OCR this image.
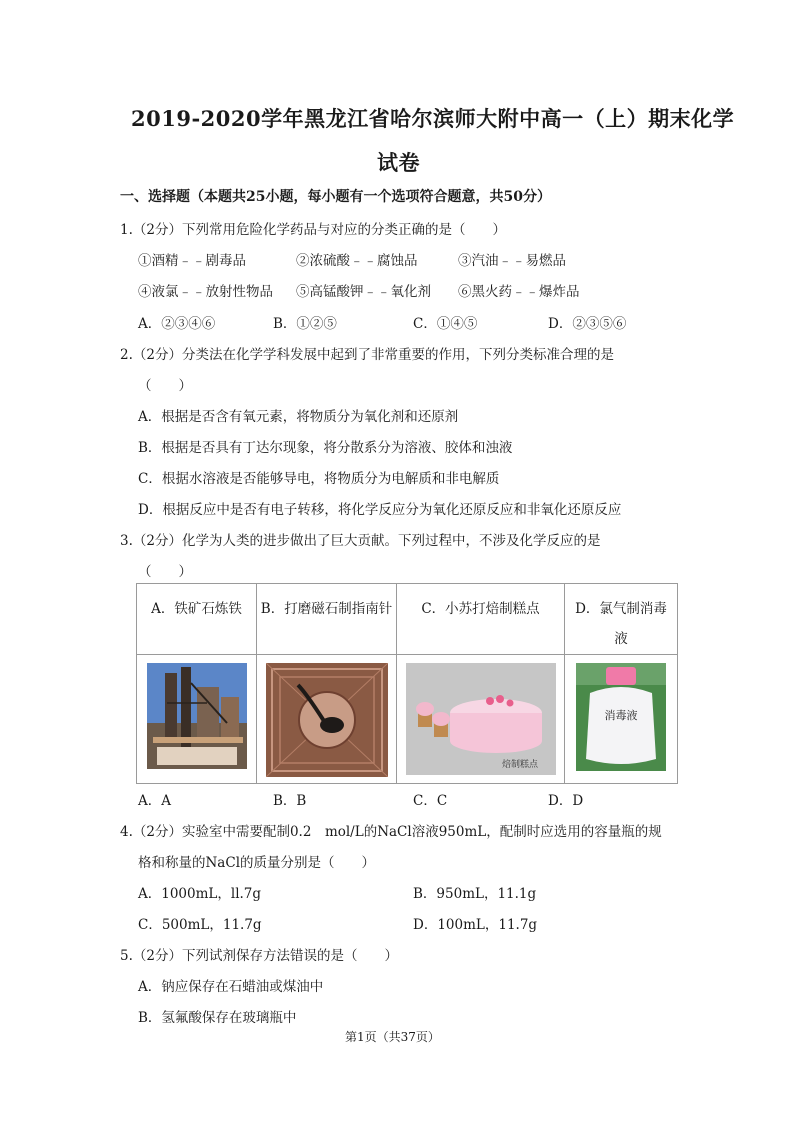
2019-2020学年黑龙江省哈尔滨师大附中高一（上）期末化学
试卷
一、选择题（本题共25小题，每小题有一个选项符合题意，共50分）
1.（2分）下列常用危险化学药品与对应的分类正确的是（　　）
①酒精﹣﹣剧毒品	②浓硫酸﹣﹣腐蚀品	③汽油﹣﹣易燃品
④液氯﹣﹣放射性物品 ⑤高锰酸钾﹣﹣氧化剂 ⑥黑火药﹣﹣爆炸品
A．②③④⑥	B．①②⑤	C．①④⑤	D．②③⑤⑥
2.（2分）分类法在化学学科发展中起到了非常重要的作用，下列分类标准合理的是
（　　）
A．根据是否含有氧元素，将物质分为氧化剂和还原剂
B．根据是否具有丁达尔现象，将分散系分为溶液、胶体和浊液
C．根据水溶液是否能够导电，将物质分为电解质和非电解质
D．根据反应中是否有电子转移，将化学反应分为氧化还原反应和非氧化还原反应
3.（2分）化学为人类的进步做出了巨大贡献。下列过程中，不涉及化学反应的是
（　　）
A．铁矿石炼铁	B．打磨磁石制指南针	C．小苏打焙制糕点	D．氯气制消毒液

焙制糕点	消毒液
A．A	B．B	C．C	D．D
4.（2分）实验室中需要配制0.2　mol/L的NaCl溶液950mL，配制时应选用的容量瓶的规
格和称量的NaCl的质量分别是（　　）
A．1000mL，ll.7g	B．950mL，11.1g
C．500mL，11.7g	D．100mL，11.7g
5.（2分）下列试剂保存方法错误的是（　　）
A．钠应保存在石蜡油或煤油中
B．氢氟酸保存在玻璃瓶中
第1页（共37页）
